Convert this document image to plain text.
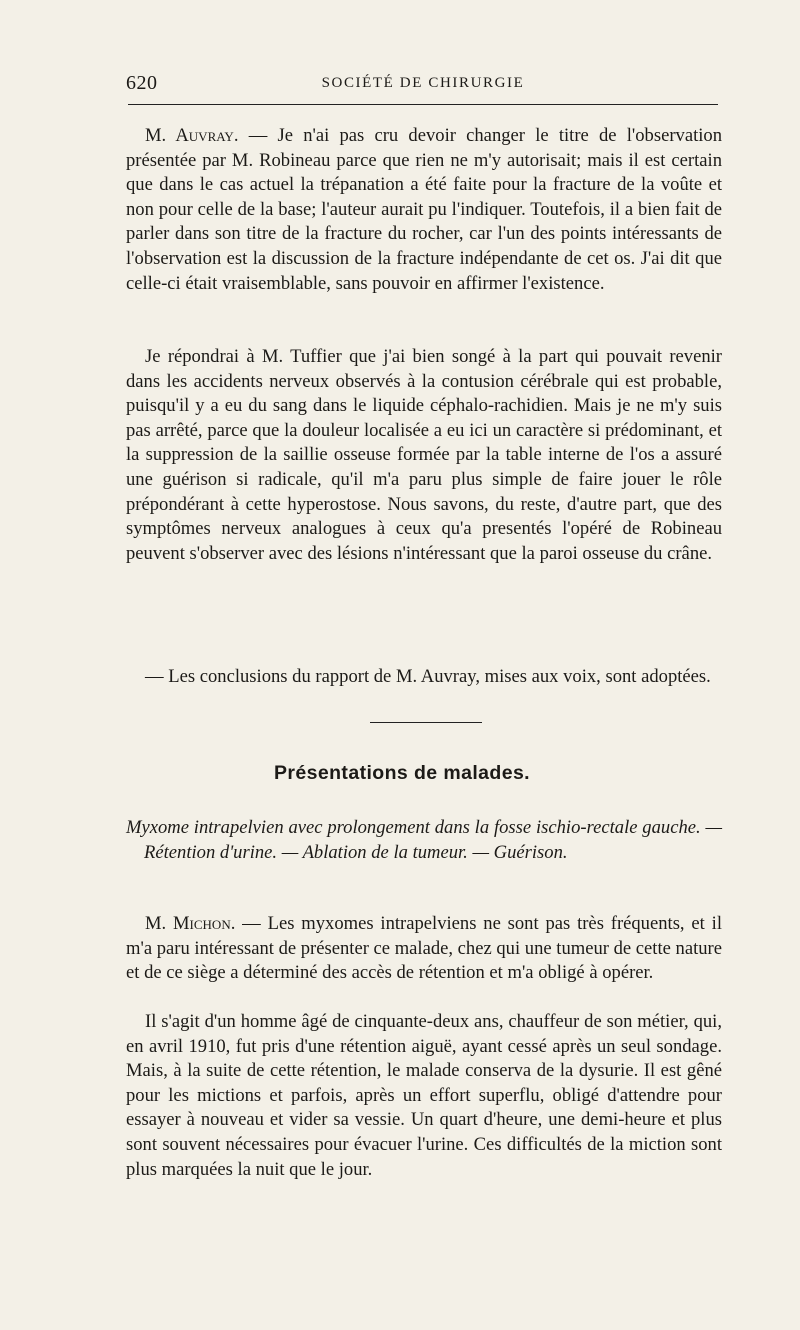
620	SOCIÉTÉ DE CHIRURGIE

M. Auvray. — Je n'ai pas cru devoir changer le titre de l'observation présentée par M. Robineau parce que rien ne m'y autorisait; mais il est certain que dans le cas actuel la trépanation a été faite pour la fracture de la voûte et non pour celle de la base; l'auteur aurait pu l'indiquer. Toutefois, il a bien fait de parler dans son titre de la fracture du rocher, car l'un des points intéressants de l'observation est la discussion de la fracture indépendante de cet os. J'ai dit que celle-ci était vraisemblable, sans pouvoir en affirmer l'existence.

Je répondrai à M. Tuffier que j'ai bien songé à la part qui pouvait revenir dans les accidents nerveux observés à la contusion cérébrale qui est probable, puisqu'il y a eu du sang dans le liquide céphalo-rachidien. Mais je ne m'y suis pas arrêté, parce que la douleur localisée a eu ici un caractère si prédominant, et la suppression de la saillie osseuse formée par la table interne de l'os a assuré une guérison si radicale, qu'il m'a paru plus simple de faire jouer le rôle prépondérant à cette hyperostose. Nous savons, du reste, d'autre part, que des symptômes nerveux analogues à ceux qu'a presentés l'opéré de Robineau peuvent s'observer avec des lésions n'intéressant que la paroi osseuse du crâne.

— Les conclusions du rapport de M. Auvray, mises aux voix, sont adoptées.

Présentations de malades.

Myxome intrapelvien avec prolongement dans la fosse ischio-rectale gauche. — Rétention d'urine. — Ablation de la tumeur. — Guérison.

M. Michon. — Les myxomes intrapelviens ne sont pas très fréquents, et il m'a paru intéressant de présenter ce malade, chez qui une tumeur de cette nature et de ce siège a déterminé des accès de rétention et m'a obligé à opérer.

Il s'agit d'un homme âgé de cinquante-deux ans, chauffeur de son métier, qui, en avril 1910, fut pris d'une rétention aiguë, ayant cessé après un seul sondage. Mais, à la suite de cette rétention, le malade conserva de la dysurie. Il est gêné pour les mictions et parfois, après un effort superflu, obligé d'attendre pour essayer à nouveau et vider sa vessie. Un quart d'heure, une demi-heure et plus sont souvent nécessaires pour évacuer l'urine. Ces difficultés de la miction sont plus marquées la nuit que le jour.
